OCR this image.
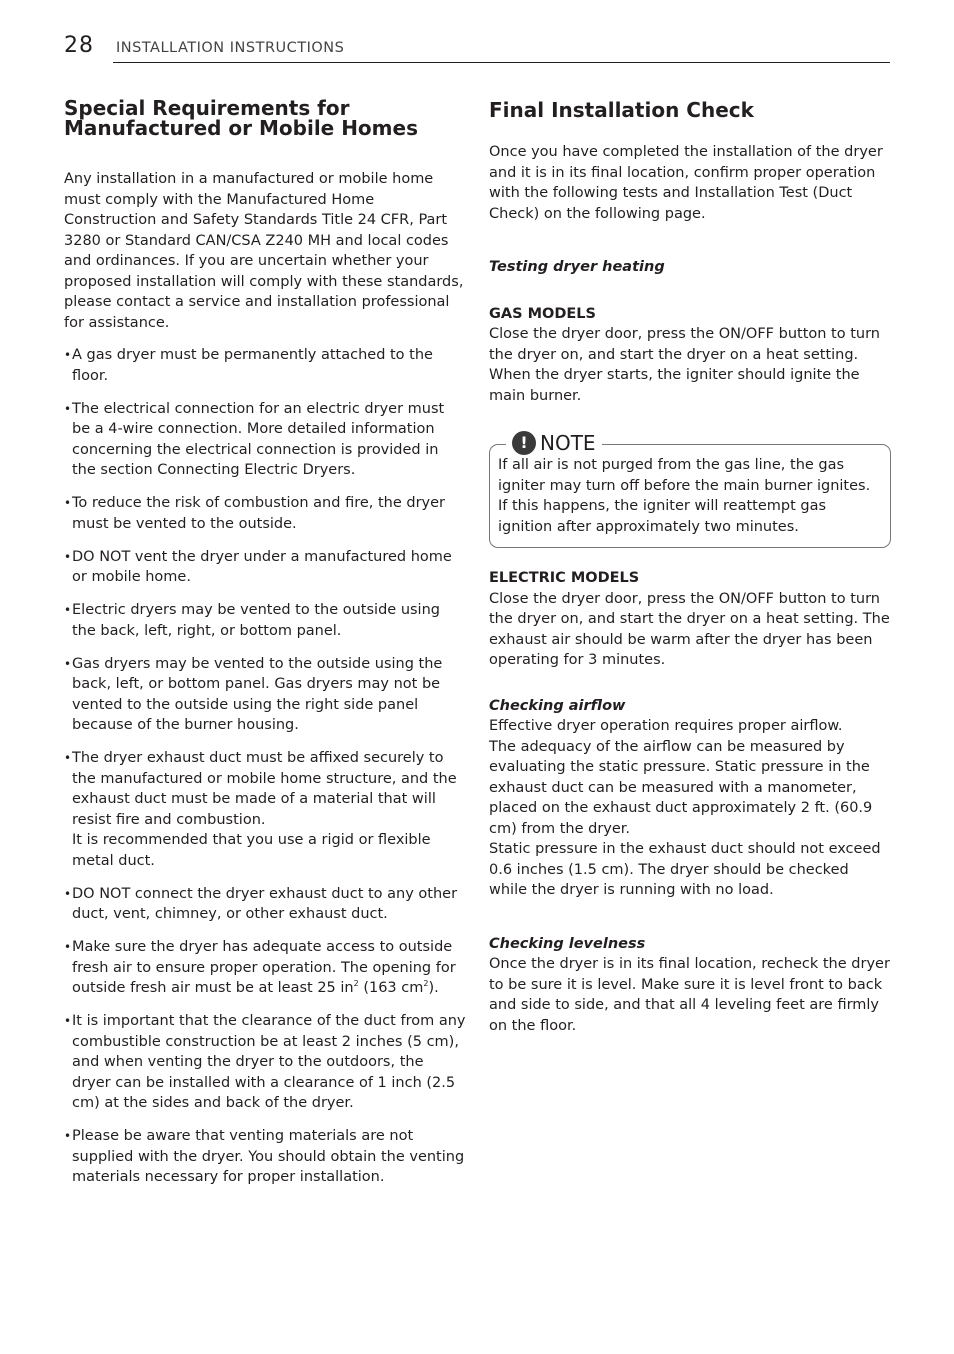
28 INSTALLATION INSTRUCTIONS
Special Requirements for Manufactured or Mobile Homes

Any installation in a manufactured or mobile home must comply with the Manufactured Home Construction and Safety Standards Title 24 CFR, Part 3280 or Standard CAN/CSA Z240 MH and local codes and ordinances. If you are uncertain whether your proposed installation will comply with these standards, please contact a service and installation professional for assistance.

• A gas dryer must be permanently attached to the floor.
• The electrical connection for an electric dryer must be a 4-wire connection. More detailed information concerning the electrical connection is provided in the section Connecting Electric Dryers.
• To reduce the risk of combustion and fire, the dryer must be vented to the outside.
• DO NOT vent the dryer under a manufactured home or mobile home.
• Electric dryers may be vented to the outside using the back, left, right, or bottom panel.
• Gas dryers may be vented to the outside using the back, left, or bottom panel. Gas dryers may not be vented to the outside using the right side panel because of the burner housing.
• The dryer exhaust duct must be affixed securely to the manufactured or mobile home structure, and the exhaust duct must be made of a material that will resist fire and combustion.
It is recommended that you use a rigid or flexible metal duct.
• DO NOT connect the dryer exhaust duct to any other duct, vent, chimney, or other exhaust duct.
• Make sure the dryer has adequate access to outside fresh air to ensure proper operation. The opening for outside fresh air must be at least 25 $in^2$ (163 $cm^2$).
• It is important that the clearance of the duct from any combustible construction be at least 2 inches (5 cm), and when venting the dryer to the outdoors, the dryer can be installed with a clearance of 1 inch (2.5 cm) at the sides and back of the dryer.
• Please be aware that venting materials are not supplied with the dryer. You should obtain the venting materials necessary for proper installation.
Final Installation Check

Once you have completed the installation of the dryer and it is in its final location, confirm proper operation with the following tests and Installation Test (Duct Check) on the following page.

Testing dryer heating

GAS MODELS

Close the dryer door, press the ON/OFF button to turn the dryer on, and start the dryer on a heat setting. When the dryer starts, the igniter should ignite the main burner.

! NOTE

If all air is not purged from the gas line, the gas igniter may turn off before the main burner ignites. If this happens, the igniter will reattempt gas ignition after approximately two minutes.

ELECTRIC MODELS

Close the dryer door, press the ON/OFF button to turn the dryer on, and start the dryer on a heat setting. The exhaust air should be warm after the dryer has been operating for 3 minutes.

Checking airflow

Effective dryer operation requires proper airflow.

The adequacy of the airflow can be measured by evaluating the static pressure. Static pressure in the exhaust duct can be measured with a manometer, placed on the exhaust duct approximately 2 ft. (60.9 cm) from the dryer.

Static pressure in the exhaust duct should not exceed 0.6 inches (1.5 cm). The dryer should be checked while the dryer is running with no load.

Checking levelness

Once the dryer is in its final location, recheck the dryer to be sure it is level. Make sure it is level front to back and side to side, and that all 4 leveling feet are firmly on the floor.
